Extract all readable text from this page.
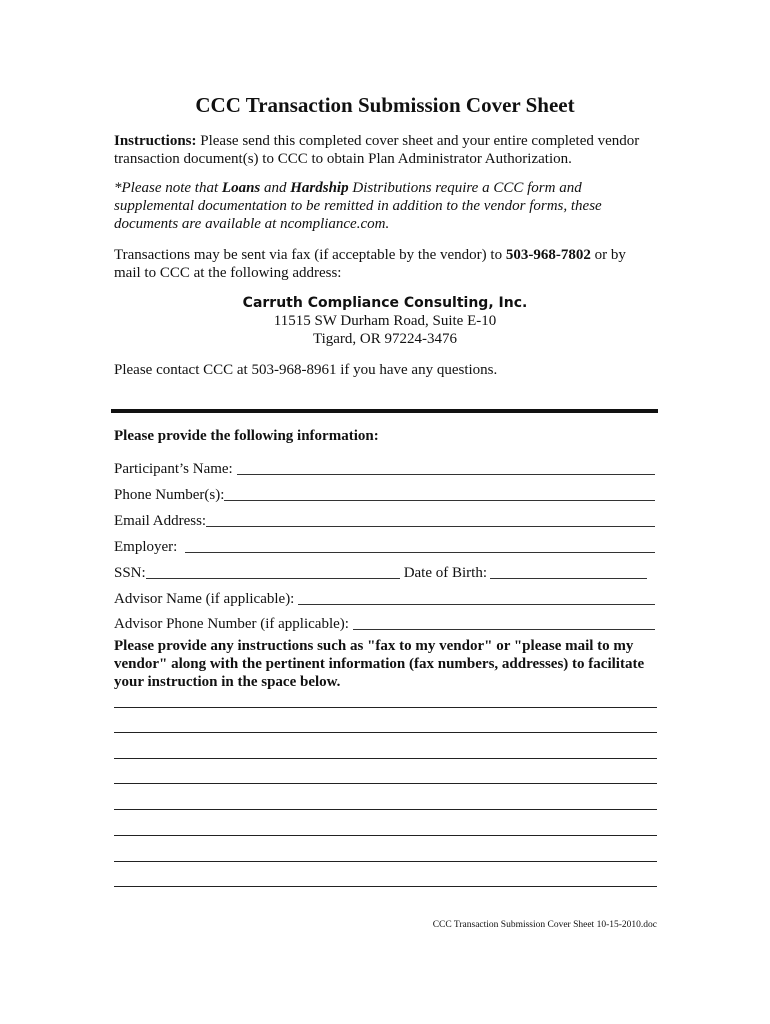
CCC Transaction Submission Cover Sheet

Instructions: Please send this completed cover sheet and your entire completed vendor transaction document(s) to CCC to obtain Plan Administrator Authorization.

*Please note that Loans and Hardship Distributions require a CCC form and supplemental documentation to be remitted in addition to the vendor forms, these documents are available at ncompliance.com.

Transactions may be sent via fax (if acceptable by the vendor) to 503-968-7802 or by mail to CCC at the following address:

Carruth Compliance Consulting, Inc.
11515 SW Durham Road, Suite E-10
Tigard, OR 97224-3476

Please contact CCC at 503-968-8961 if you have any questions.

Please provide the following information:

Participant’s Name:
Phone Number(s):
Email Address:
Employer:
SSN:	Date of Birth:
Advisor Name (if applicable):
Advisor Phone Number (if applicable):

Please provide any instructions such as "fax to my vendor" or "please mail to my vendor" along with the pertinent information (fax numbers, addresses) to facilitate your instruction in the space below.

CCC Transaction Submission Cover Sheet 10-15-2010.doc
